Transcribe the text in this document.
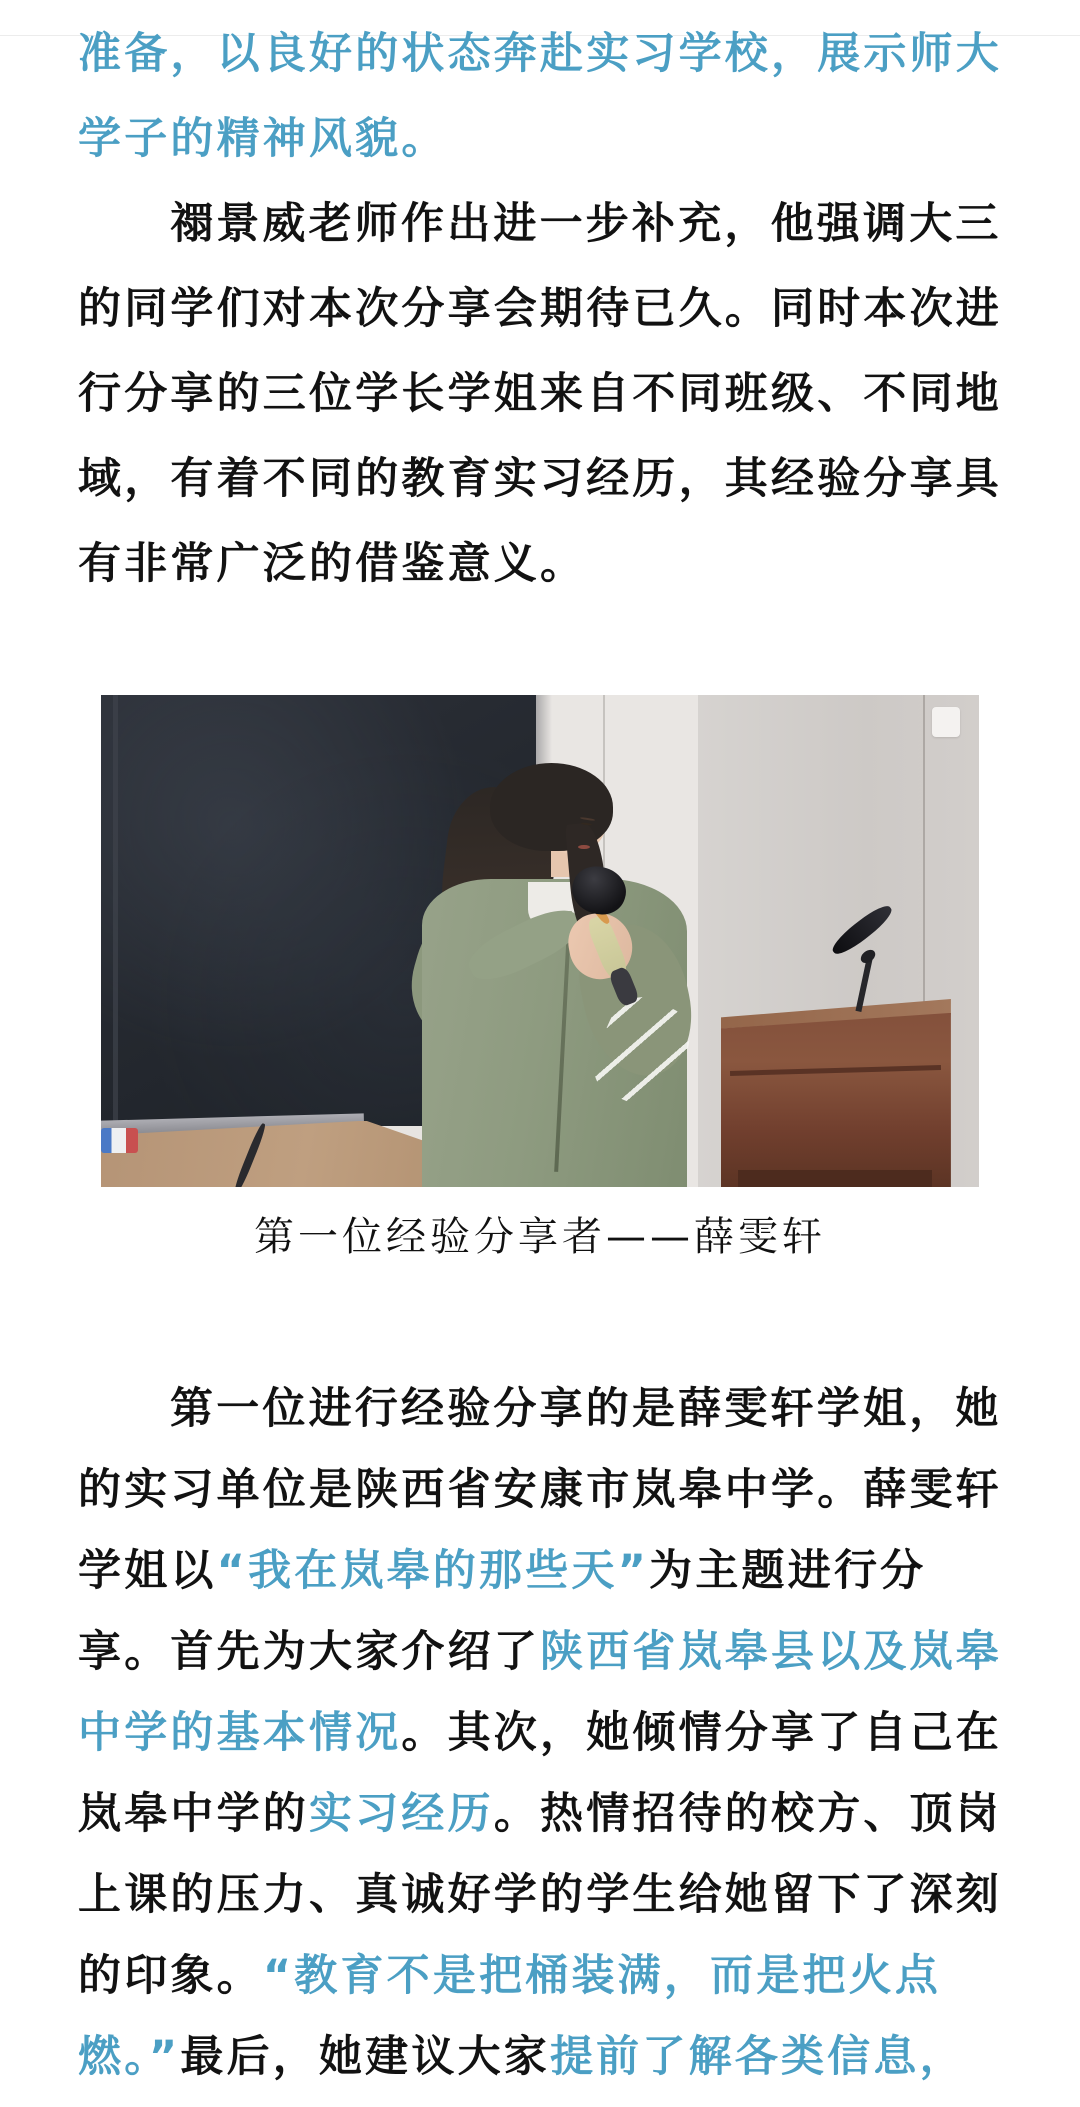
准备，以良好的状态奔赴实习学校，展示师大
学子的精神风貌。
禤景威老师作出进一步补充，他强调大三
的同学们对本次分享会期待已久。同时本次进
行分享的三位学长学姐来自不同班级、不同地
域，有着不同的教育实习经历，其经验分享具
有非常广泛的借鉴意义。
第一位经验分享者——薛雯轩
第一位进行经验分享的是薛雯轩学姐，她
的实习单位是陕西省安康市岚皋中学。薛雯轩
学姐以“我在岚皋的那些天”为主题进行分
享。首先为大家介绍了陕西省岚皋县以及岚皋
中学的基本情况。其次，她倾情分享了自己在
岚皋中学的实习经历。热情招待的校方、顶岗
上课的压力、真诚好学的学生给她留下了深刻
的印象。“教育不是把桶装满，而是把火点
燃。”最后，她建议大家提前了解各类信息，
